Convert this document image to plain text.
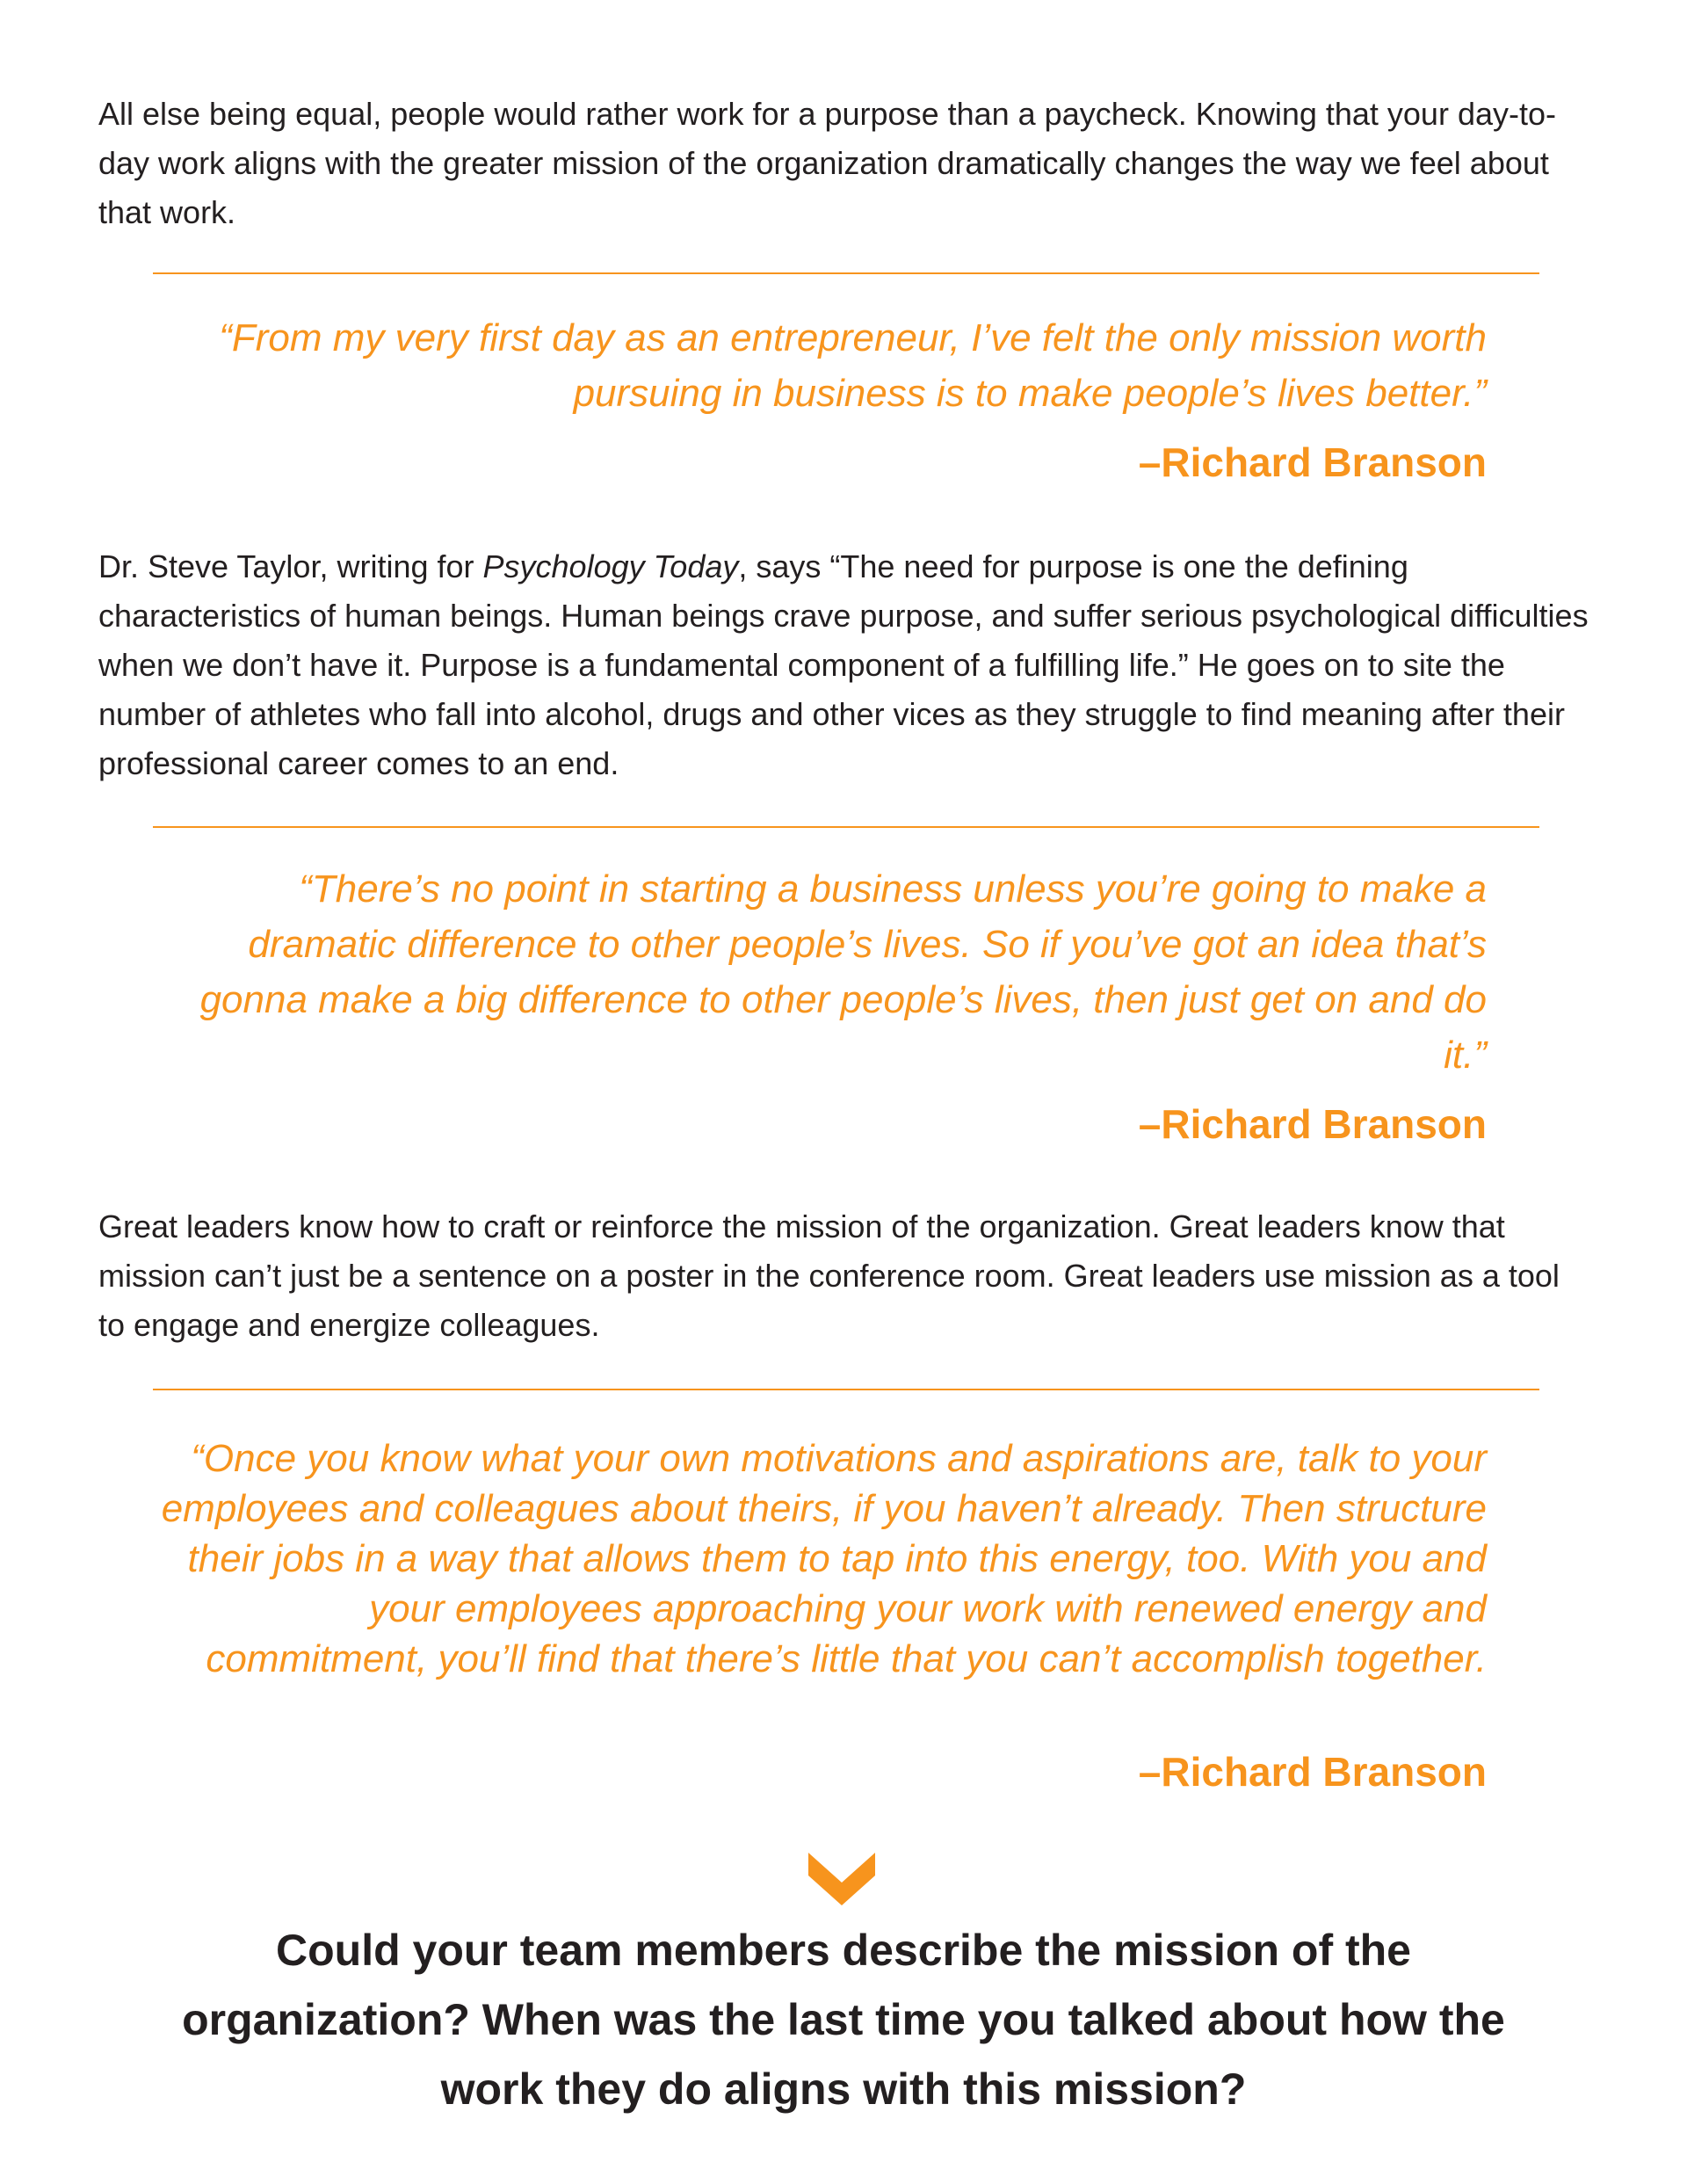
All else being equal, people would rather work for a purpose than a paycheck. Knowing that your day-to-day work aligns with the greater mission of the organization dramatically changes the way we feel about that work.

“From my very first day as an entrepreneur, I’ve felt the only mission worth pursuing in business is to make people’s lives better.”

–Richard Branson

Dr. Steve Taylor, writing for Psychology Today, says “The need for purpose is one the defining characteristics of human beings. Human beings crave purpose, and suffer serious psychological difficulties when we don’t have it. Purpose is a fundamental component of a fulfilling life.” He goes on to site the number of athletes who fall into alcohol, drugs and other vices as they struggle to find meaning after their professional career comes to an end.

“There’s no point in starting a business unless you’re going to make a dramatic difference to other people’s lives. So if you’ve got an idea that’s gonna make a big difference to other people’s lives, then just get on and do it.”

–Richard Branson

Great leaders know how to craft or reinforce the mission of the organization. Great leaders know that mission can’t just be a sentence on a poster in the conference room. Great leaders use mission as a tool to engage and energize colleagues.

“Once you know what your own motivations and aspirations are, talk to your employees and colleagues about theirs, if you haven’t already. Then structure their jobs in a way that allows them to tap into this energy, too. With you and your employees approaching your work with renewed energy and commitment, you’ll find that there’s little that you can’t accomplish together.

–Richard Branson

Could your team members describe the mission of the organization? When was the last time you talked about how the work they do aligns with this mission?
